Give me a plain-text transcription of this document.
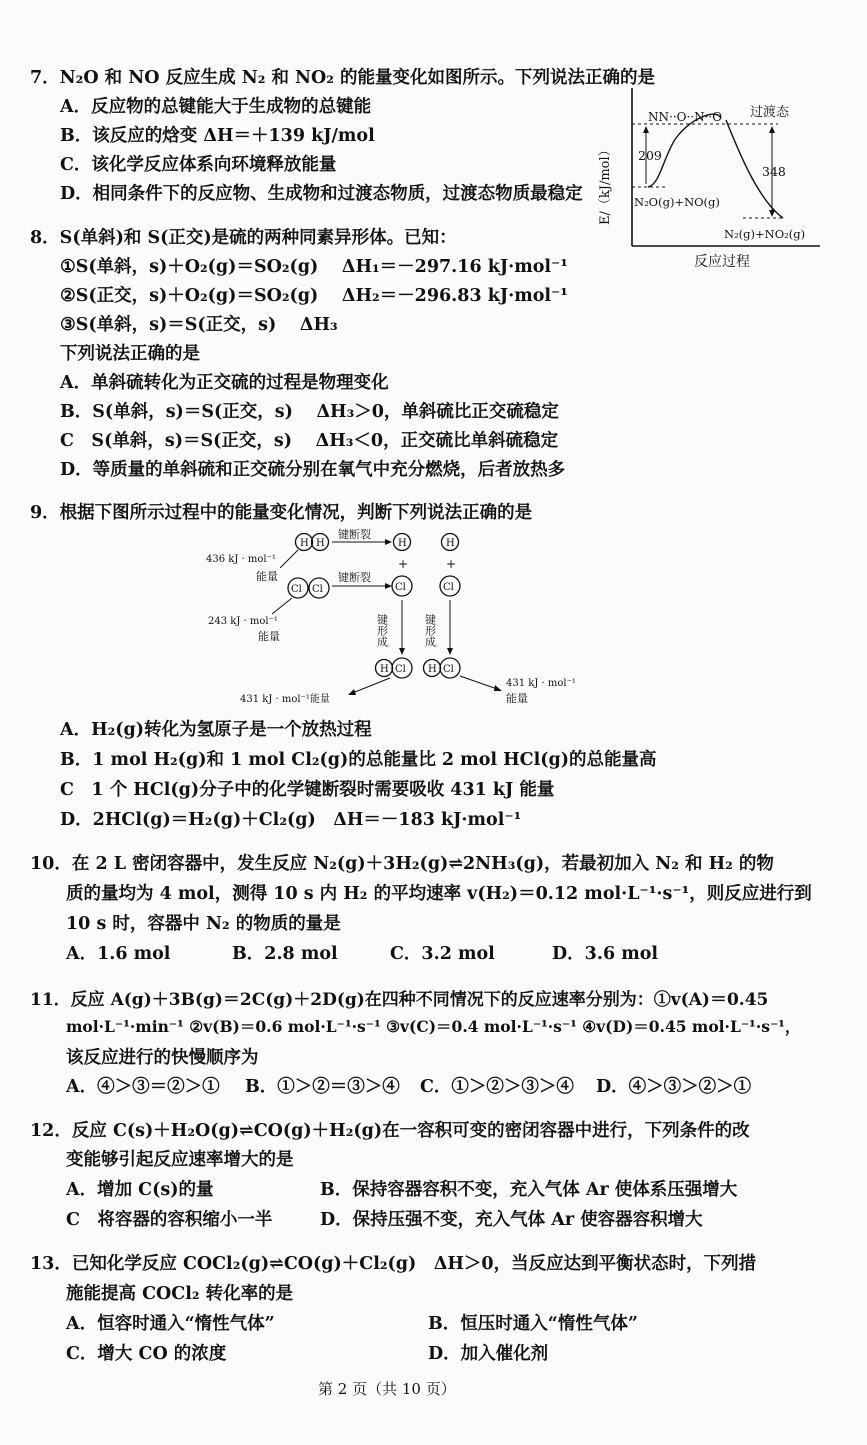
7．N₂O 和 NO 反应生成 N₂ 和 NO₂ 的能量变化如图所示。下列说法正确的是
A．反应物的总键能大于生成物的总键能
B．该反应的焓变 ΔH＝＋139 kJ/mol
C．该化学反应体系向环境释放能量
D．相同条件下的反应物、生成物和过渡态物质，过渡态物质最稳定 E/（kJ/mol）
NN··O··N··O 过渡态
209
348
N₂O(g)+NO(g)
N₂(g)+NO₂(g)
反应过程
8．S(单斜)和 S(正交)是硫的两种同素异形体。已知：
①S(单斜，s)＋O₂(g)＝SO₂(g)　 ΔH₁＝－297.16 kJ·mol⁻¹
②S(正交，s)＋O₂(g)＝SO₂(g)　 ΔH₂＝－296.83 kJ·mol⁻¹
③S(单斜，s)＝S(正交，s)　 ΔH₃
下列说法正确的是
A．单斜硫转化为正交硫的过程是物理变化
B．S(单斜，s)＝S(正交，s)　 ΔH₃＞0，单斜硫比正交硫稳定
C　S(单斜，s)＝S(正交，s)　 ΔH₃＜0，正交硫比单斜硫稳定
D．等质量的单斜硫和正交硫分别在氧气中充分燃烧，后者放热多
9．根据下图所示过程中的能量变化情况，判断下列说法正确的是
H H
436 kJ · mol⁻¹
能量
键断裂
H	H
+	+
Cl Cl
键断裂
243 kJ · mol⁻¹
能量
Cl	Cl
键形成	键形成
H Cl H Cl
431 kJ · mol⁻¹能量
431 kJ · mol⁻¹
能量
A．H₂(g)转化为氢原子是一个放热过程
B．1 mol H₂(g)和 1 mol Cl₂(g)的总能量比 2 mol HCl(g)的总能量高
C　1 个 HCl(g)分子中的化学键断裂时需要吸收 431 kJ 能量
D．2HCl(g)＝H₂(g)＋Cl₂(g)　ΔH＝－183 kJ·mol⁻¹
10．在 2 L 密闭容器中，发生反应 N₂(g)＋3H₂(g)⇌2NH₃(g)，若最初加入 N₂ 和 H₂ 的物
质的量均为 4 mol，测得 10 s 内 H₂ 的平均速率 v(H₂)＝0.12 mol·L⁻¹·s⁻¹，则反应进行到
10 s 时，容器中 N₂ 的物质的量是
A．1.6 mol	B．2.8 mol	C．3.2 mol	D．3.6 mol
11．反应 A(g)＋3B(g)＝2C(g)＋2D(g)在四种不同情况下的反应速率分别为：①v(A)＝0.45
mol·L⁻¹·min⁻¹ ②v(B)＝0.6 mol·L⁻¹·s⁻¹ ③v(C)＝0.4 mol·L⁻¹·s⁻¹ ④v(D)＝0.45 mol·L⁻¹·s⁻¹，
该反应进行的快慢顺序为
A．④＞③＝②＞① B．①＞②＝③＞④ C．①＞②＞③＞④ D．④＞③＞②＞①
12．反应 C(s)＋H₂O(g)⇌CO(g)＋H₂(g)在一容积可变的密闭容器中进行，下列条件的改
变能够引起反应速率增大的是
A．增加 C(s)的量	B．保持容器容积不变，充入气体 Ar 使体系压强增大
C　将容器的容积缩小一半	D．保持压强不变，充入气体 Ar 使容器容积增大
13．已知化学反应 COCl₂(g)⇌CO(g)＋Cl₂(g)　ΔH＞0，当反应达到平衡状态时，下列措
施能提高 COCl₂ 转化率的是
A．恒容时通入“惰性气体”	B．恒压时通入“惰性气体”
C．增大 CO 的浓度	D．加入催化剂
第 2 页（共 10 页）
